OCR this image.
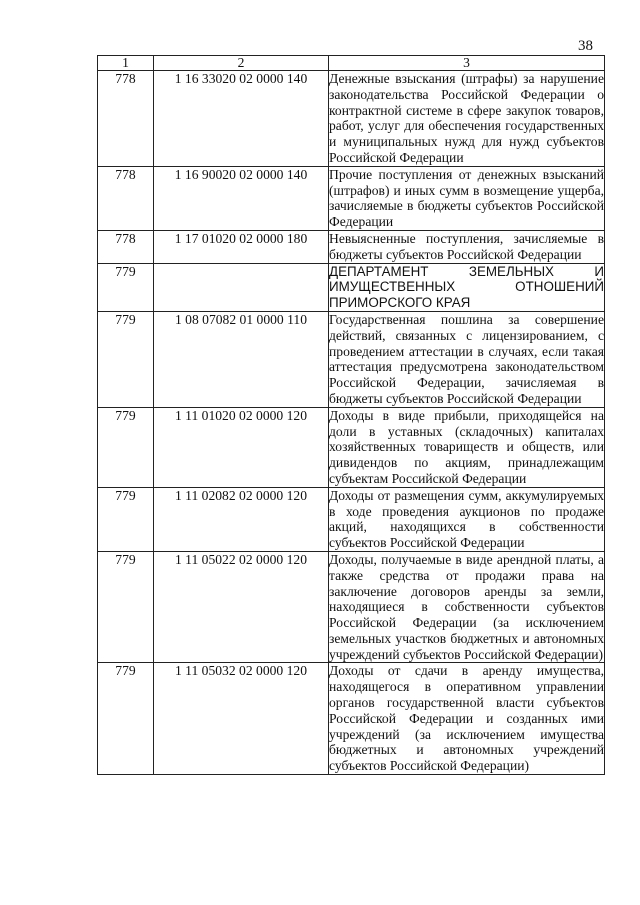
38
1	2	3
778	1 16 33020 02 0000 140	Денежные взыскания (штрафы) за нарушение законодательства Российской Федерации о контрактной системе в сфере закупок товаров, работ, услуг для обеспечения государственных и муниципальных нужд для нужд субъектов Российской Федерации
778	1 16 90020 02 0000 140	Прочие поступления от денежных взысканий (штрафов) и иных сумм в возмещение ущерба, зачисляемые в бюджеты субъектов Российской Федерации
778	1 17 01020 02 0000 180	Невыясненные поступления, зачисляемые в бюджеты субъектов Российской Федерации
779		ДЕПАРТАМЕНТ ЗЕМЕЛЬНЫХ И ИМУЩЕСТВЕННЫХ ОТНОШЕНИЙ ПРИМОРСКОГО КРАЯ
779	1 08 07082 01 0000 110	Государственная пошлина за совершение действий, связанных с лицензированием, с проведением аттестации в случаях, если такая аттестация предусмотрена законодательством Российской Федерации, зачисляемая в бюджеты субъектов Российской Федерации
779	1 11 01020 02 0000 120	Доходы в виде прибыли, приходящейся на доли в уставных (складочных) капиталах хозяйственных товариществ и обществ, или дивидендов по акциям, принадлежащим субъектам Российской Федерации
779	1 11 02082 02 0000 120	Доходы от размещения сумм, аккумулируемых в ходе проведения аукционов по продаже акций, находящихся в собственности субъектов Российской Федерации
779	1 11 05022 02 0000 120	Доходы, получаемые в виде арендной платы, а также средства от продажи права на заключение договоров аренды за земли, находящиеся в собственности субъектов Российской Федерации (за исключением земельных участков бюджетных и автономных учреждений субъектов Российской Федерации)
779	1 11 05032 02 0000 120	Доходы от сдачи в аренду имущества, находящегося в оперативном управлении органов государственной власти субъектов Российской Федерации и созданных ими учреждений (за исключением имущества бюджетных и автономных учреждений субъектов Российской Федерации)
